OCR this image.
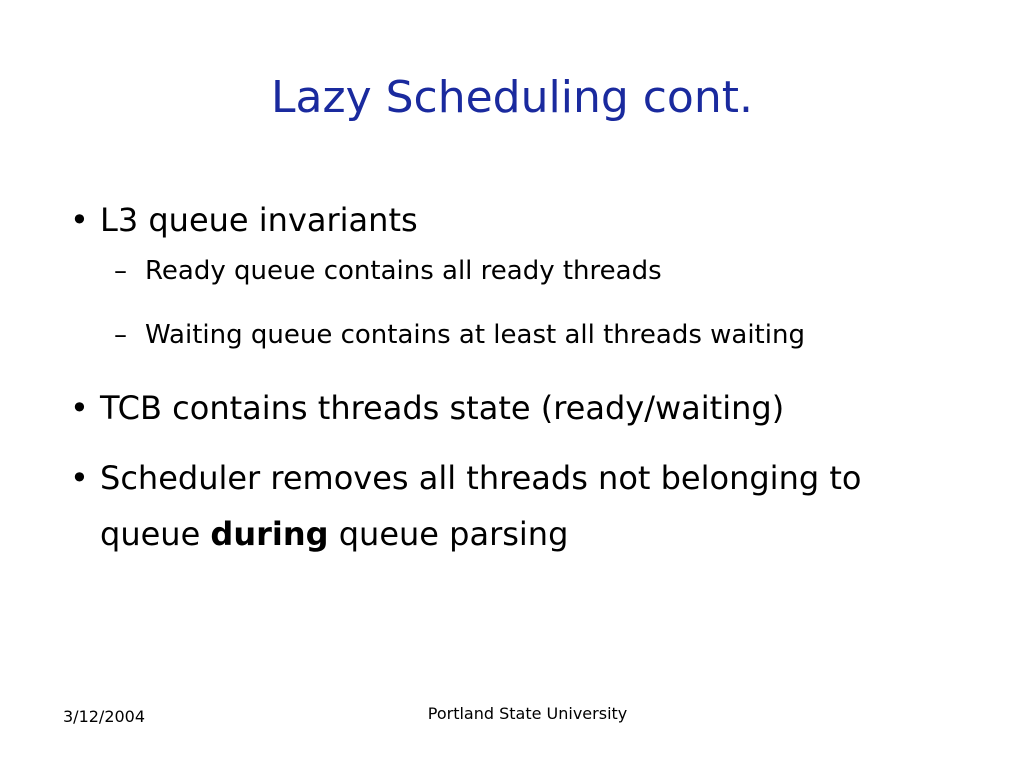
Lazy Scheduling cont.
• L3 queue invariants
– Ready queue contains all ready threads
– Waiting queue contains at least all threads waiting
• TCB contains threads state (ready/waiting)
• Scheduler removes all threads not belonging to queue during queue parsing
3/12/2004	Portland State University
